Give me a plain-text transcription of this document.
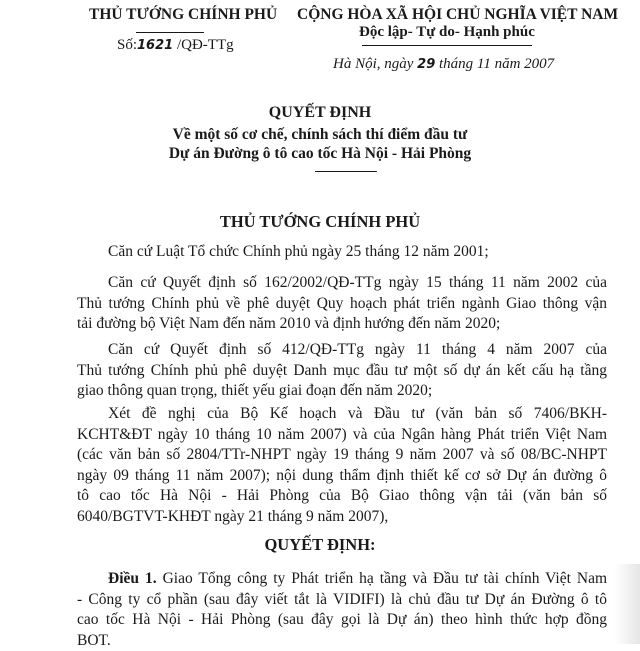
THỦ TƯỚNG CHÍNH PHỦ
Số:1621 /QĐ-TTg
CỘNG HÒA XÃ HỘI CHỦ NGHĨA VIỆT NAM
Độc lập- Tự do- Hạnh phúc
Hà Nội, ngày 29 tháng 11 năm 2007
QUYẾT ĐỊNH
Về một số cơ chế, chính sách thí điểm đầu tư
Dự án Đường ô tô cao tốc Hà Nội - Hải Phòng
THỦ TƯỚNG CHÍNH PHỦ
Căn cứ Luật Tổ chức Chính phủ ngày 25 tháng 12 năm 2001;
Căn cứ Quyết định số 162/2002/QĐ-TTg ngày 15 tháng 11 năm 2002 của
Thủ tướng Chính phủ về phê duyệt Quy hoạch phát triển ngành Giao thông vận
tải đường bộ Việt Nam đến năm 2010 và định hướng đến năm 2020;
Căn cứ Quyết định số 412/QĐ-TTg ngày 11 tháng 4 năm 2007 của
Thủ tướng Chính phủ phê duyệt Danh mục đầu tư một số dự án kết cấu hạ tầng
giao thông quan trọng, thiết yếu giai đoạn đến năm 2020;
Xét đề nghị của Bộ Kế hoạch và Đầu tư (văn bản số 7406/BKH-
KCHT&ĐT ngày 10 tháng 10 năm 2007) và của Ngân hàng Phát triển Việt Nam
(các văn bản số 2804/TTr-NHPT ngày 19 tháng 9 năm 2007 và số 08/BC-NHPT
ngày 09 tháng 11 năm 2007); nội dung thẩm định thiết kế cơ sở Dự án đường ô
tô cao tốc Hà Nội - Hải Phòng của Bộ Giao thông vận tải (văn bản số
6040/BGTVT-KHĐT ngày 21 tháng 9 năm 2007),
QUYẾT ĐỊNH:
Điều 1. Giao Tổng công ty Phát triển hạ tầng và Đầu tư tài chính Việt Nam
- Công ty cổ phần (sau đây viết tắt là VIDIFI) là chủ đầu tư Dự án Đường ô tô
cao tốc Hà Nội - Hải Phòng (sau đây gọi là Dự án) theo hình thức hợp đồng
BOT.
